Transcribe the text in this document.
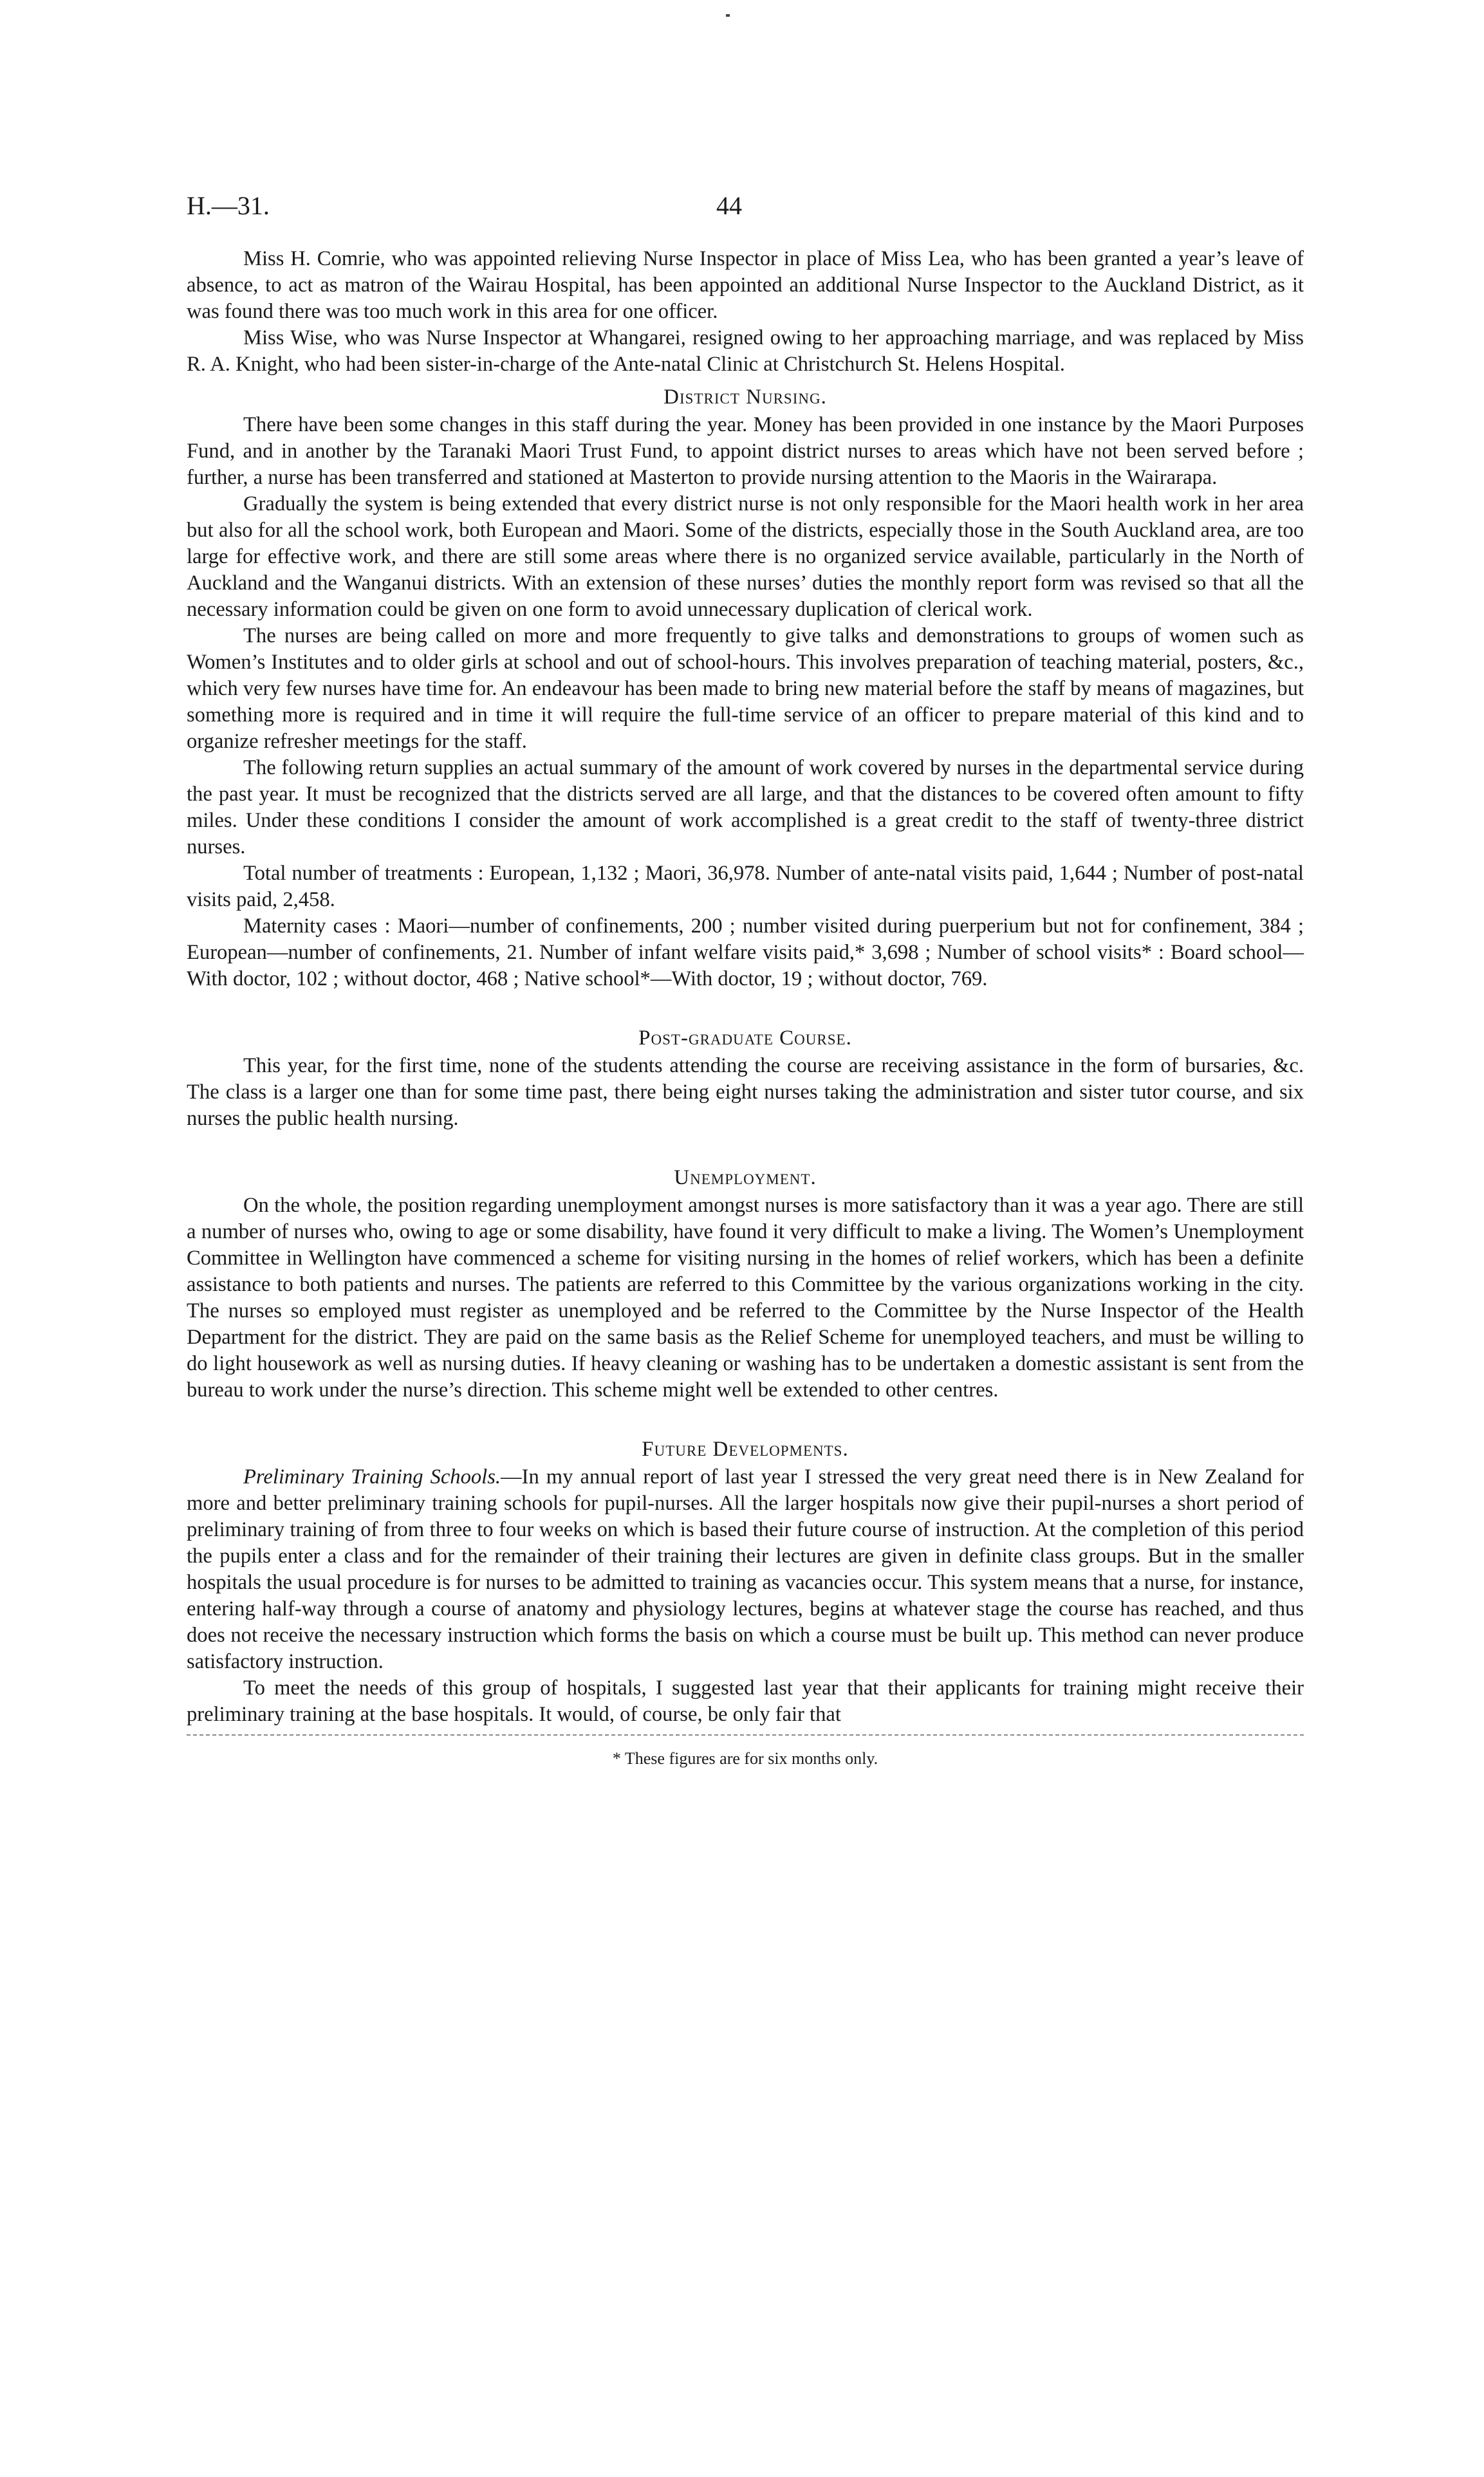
H.—31.	44

Miss H. Comrie, who was appointed relieving Nurse Inspector in place of Miss Lea, who has been granted a year’s leave of absence, to act as matron of the Wairau Hospital, has been appointed an additional Nurse Inspector to the Auckland District, as it was found there was too much work in this area for one officer.

Miss Wise, who was Nurse Inspector at Whangarei, resigned owing to her approaching marriage, and was replaced by Miss R. A. Knight, who had been sister-in-charge of the Ante-natal Clinic at Christchurch St. Helens Hospital.

District Nursing.

There have been some changes in this staff during the year. Money has been provided in one instance by the Maori Purposes Fund, and in another by the Taranaki Maori Trust Fund, to appoint district nurses to areas which have not been served before ; further, a nurse has been transferred and stationed at Masterton to provide nursing attention to the Maoris in the Wairarapa.

Gradually the system is being extended that every district nurse is not only responsible for the Maori health work in her area but also for all the school work, both European and Maori. Some of the districts, especially those in the South Auckland area, are too large for effective work, and there are still some areas where there is no organized service available, particularly in the North of Auckland and the Wanganui districts. With an extension of these nurses’ duties the monthly report form was revised so that all the necessary information could be given on one form to avoid unnecessary duplication of clerical work.

The nurses are being called on more and more frequently to give talks and demonstrations to groups of women such as Women’s Institutes and to older girls at school and out of school-hours. This involves preparation of teaching material, posters, &c., which very few nurses have time for. An endeavour has been made to bring new material before the staff by means of magazines, but something more is required and in time it will require the full-time service of an officer to prepare material of this kind and to organize refresher meetings for the staff.

The following return supplies an actual summary of the amount of work covered by nurses in the departmental service during the past year. It must be recognized that the districts served are all large, and that the distances to be covered often amount to fifty miles. Under these conditions I consider the amount of work accomplished is a great credit to the staff of twenty-three district nurses.

Total number of treatments : European, 1,132 ; Maori, 36,978. Number of ante-natal visits paid, 1,644 ; Number of post-natal visits paid, 2,458.

Maternity cases : Maori—number of confinements, 200 ; number visited during puerperium but not for confinement, 384 ; European—number of confinements, 21. Number of infant welfare visits paid,* 3,698 ; Number of school visits* : Board school—With doctor, 102 ; without doctor, 468 ; Native school*—With doctor, 19 ; without doctor, 769.

Post-graduate Course.

This year, for the first time, none of the students attending the course are receiving assistance in the form of bursaries, &c. The class is a larger one than for some time past, there being eight nurses taking the administration and sister tutor course, and six nurses the public health nursing.

Unemployment.

On the whole, the position regarding unemployment amongst nurses is more satisfactory than it was a year ago. There are still a number of nurses who, owing to age or some disability, have found it very difficult to make a living. The Women’s Unemployment Committee in Wellington have commenced a scheme for visiting nursing in the homes of relief workers, which has been a definite assistance to both patients and nurses. The patients are referred to this Committee by the various organizations working in the city. The nurses so employed must register as unemployed and be referred to the Committee by the Nurse Inspector of the Health Department for the district. They are paid on the same basis as the Relief Scheme for unemployed teachers, and must be willing to do light housework as well as nursing duties. If heavy cleaning or washing has to be undertaken a domestic assistant is sent from the bureau to work under the nurse’s direction. This scheme might well be extended to other centres.

Future Developments.

Preliminary Training Schools.—In my annual report of last year I stressed the very great need there is in New Zealand for more and better preliminary training schools for pupil-nurses. All the larger hospitals now give their pupil-nurses a short period of preliminary training of from three to four weeks on which is based their future course of instruction. At the completion of this period the pupils enter a class and for the remainder of their training their lectures are given in definite class groups. But in the smaller hospitals the usual procedure is for nurses to be admitted to training as vacancies occur. This system means that a nurse, for instance, entering half-way through a course of anatomy and physiology lectures, begins at whatever stage the course has reached, and thus does not receive the necessary instruction which forms the basis on which a course must be built up. This method can never produce satisfactory instruction.

To meet the needs of this group of hospitals, I suggested last year that their applicants for training might receive their preliminary training at the base hospitals. It would, of course, be only fair that

* These figures are for six months only.
